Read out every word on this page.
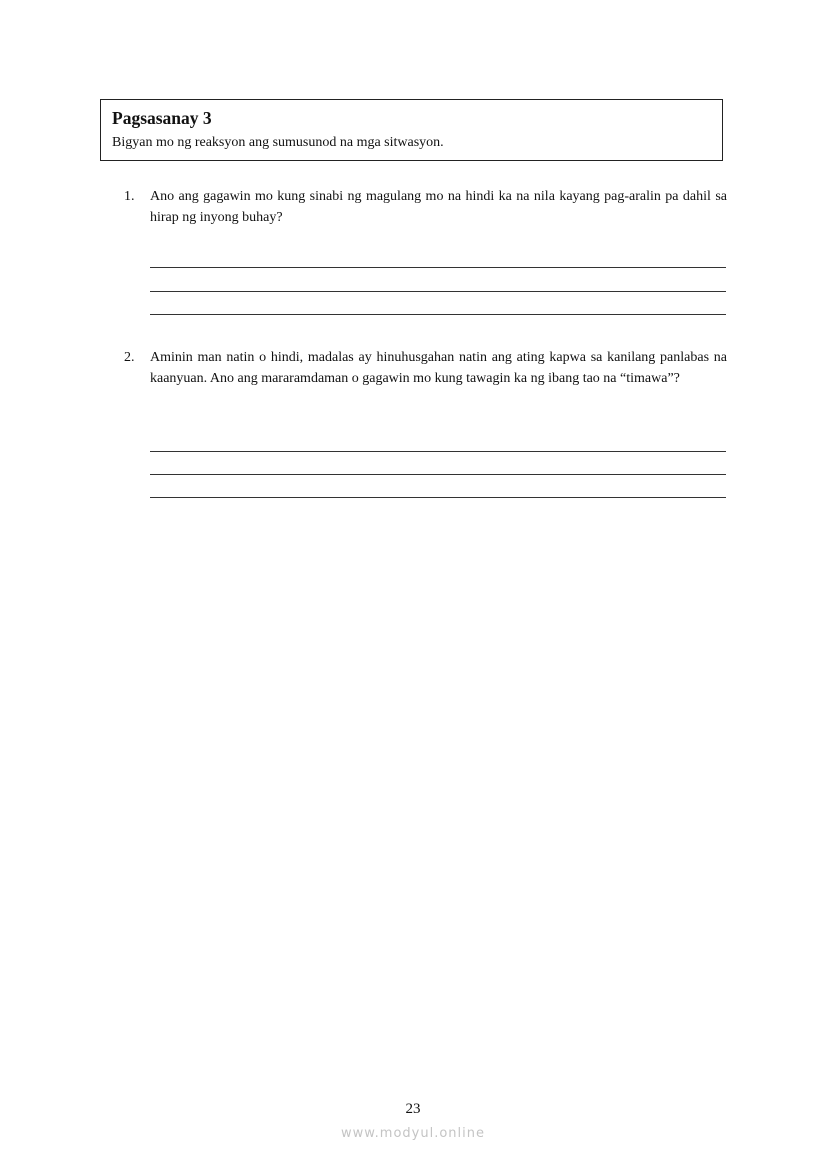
Pagsasanay 3

Bigyan mo ng reaksyon ang sumusunod na mga sitwasyon.

1.	Ano ang gagawin mo kung sinabi ng magulang mo na hindi ka na nila kayang pag-aralin pa dahil sa hirap ng inyong buhay?
2.	Aminin man natin o hindi, madalas ay hinuhusgahan natin ang ating kapwa sa kanilang panlabas na kaanyuan. Ano ang mararamdaman o gagawin mo kung tawagin ka ng ibang tao na “timawa”?

23

www.modyul.online
